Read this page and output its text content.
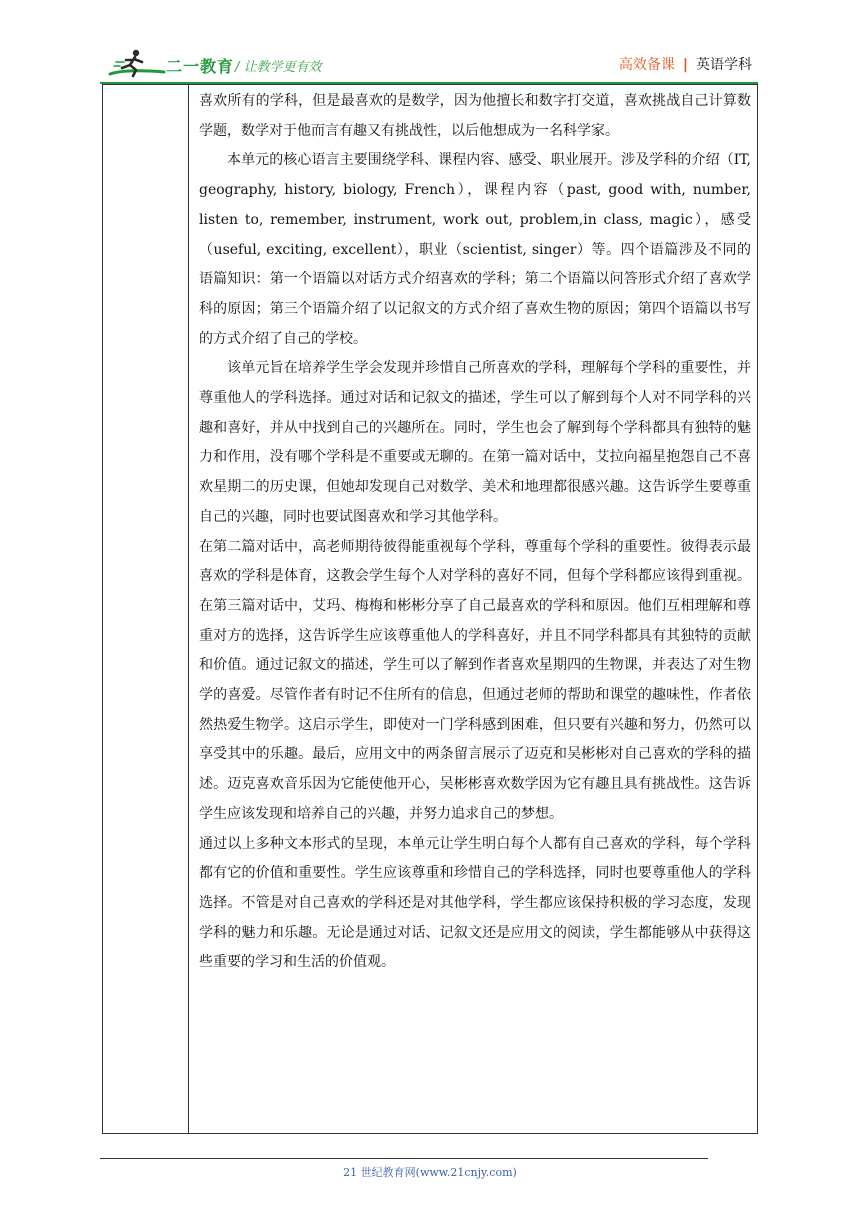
二一教育 / 让教学更有效	高效备课 | 英语学科

喜欢所有的学科，但是最喜欢的是数学，因为他擅长和数字打交道，喜欢挑战自己计算数学题，数学对于他而言有趣又有挑战性，以后他想成为一名科学家。

本单元的核心语言主要围绕学科、课程内容、感受、职业展开。涉及学科的介绍（IT, geography, history, biology, French），课程内容（past, good with, number, listen to, remember, instrument, work out, problem,in class, magic），感受（useful, exciting, excellent），职业（scientist, singer）等。四个语篇涉及不同的语篇知识：第一个语篇以对话方式介绍喜欢的学科；第二个语篇以问答形式介绍了喜欢学科的原因；第三个语篇介绍了以记叙文的方式介绍了喜欢生物的原因；第四个语篇以书写的方式介绍了自己的学校。

该单元旨在培养学生学会发现并珍惜自己所喜欢的学科，理解每个学科的重要性，并尊重他人的学科选择。通过对话和记叙文的描述，学生可以了解到每个人对不同学科的兴趣和喜好，并从中找到自己的兴趣所在。同时，学生也会了解到每个学科都具有独特的魅力和作用，没有哪个学科是不重要或无聊的。在第一篇对话中，艾拉向福星抱怨自己不喜欢星期二的历史课，但她却发现自己对数学、美术和地理都很感兴趣。这告诉学生要尊重自己的兴趣，同时也要试图喜欢和学习其他学科。

在第二篇对话中，高老师期待彼得能重视每个学科，尊重每个学科的重要性。彼得表示最喜欢的学科是体育，这教会学生每个人对学科的喜好不同，但每个学科都应该得到重视。在第三篇对话中，艾玛、梅梅和彬彬分享了自己最喜欢的学科和原因。他们互相理解和尊重对方的选择，这告诉学生应该尊重他人的学科喜好，并且不同学科都具有其独特的贡献和价值。通过记叙文的描述，学生可以了解到作者喜欢星期四的生物课，并表达了对生物学的喜爱。尽管作者有时记不住所有的信息，但通过老师的帮助和课堂的趣味性，作者依然热爱生物学。这启示学生，即使对一门学科感到困难，但只要有兴趣和努力，仍然可以享受其中的乐趣。最后，应用文中的两条留言展示了迈克和吴彬彬对自己喜欢的学科的描述。迈克喜欢音乐因为它能使他开心，吴彬彬喜欢数学因为它有趣且具有挑战性。这告诉学生应该发现和培养自己的兴趣，并努力追求自己的梦想。

通过以上多种文本形式的呈现，本单元让学生明白每个人都有自己喜欢的学科，每个学科都有它的价值和重要性。学生应该尊重和珍惜自己的学科选择，同时也要尊重他人的学科选择。不管是对自己喜欢的学科还是对其他学科，学生都应该保持积极的学习态度，发现学科的魅力和乐趣。无论是通过对话、记叙文还是应用文的阅读，学生都能够从中获得这些重要的学习和生活的价值观。

21 世纪教育网(www.21cnjy.com)
